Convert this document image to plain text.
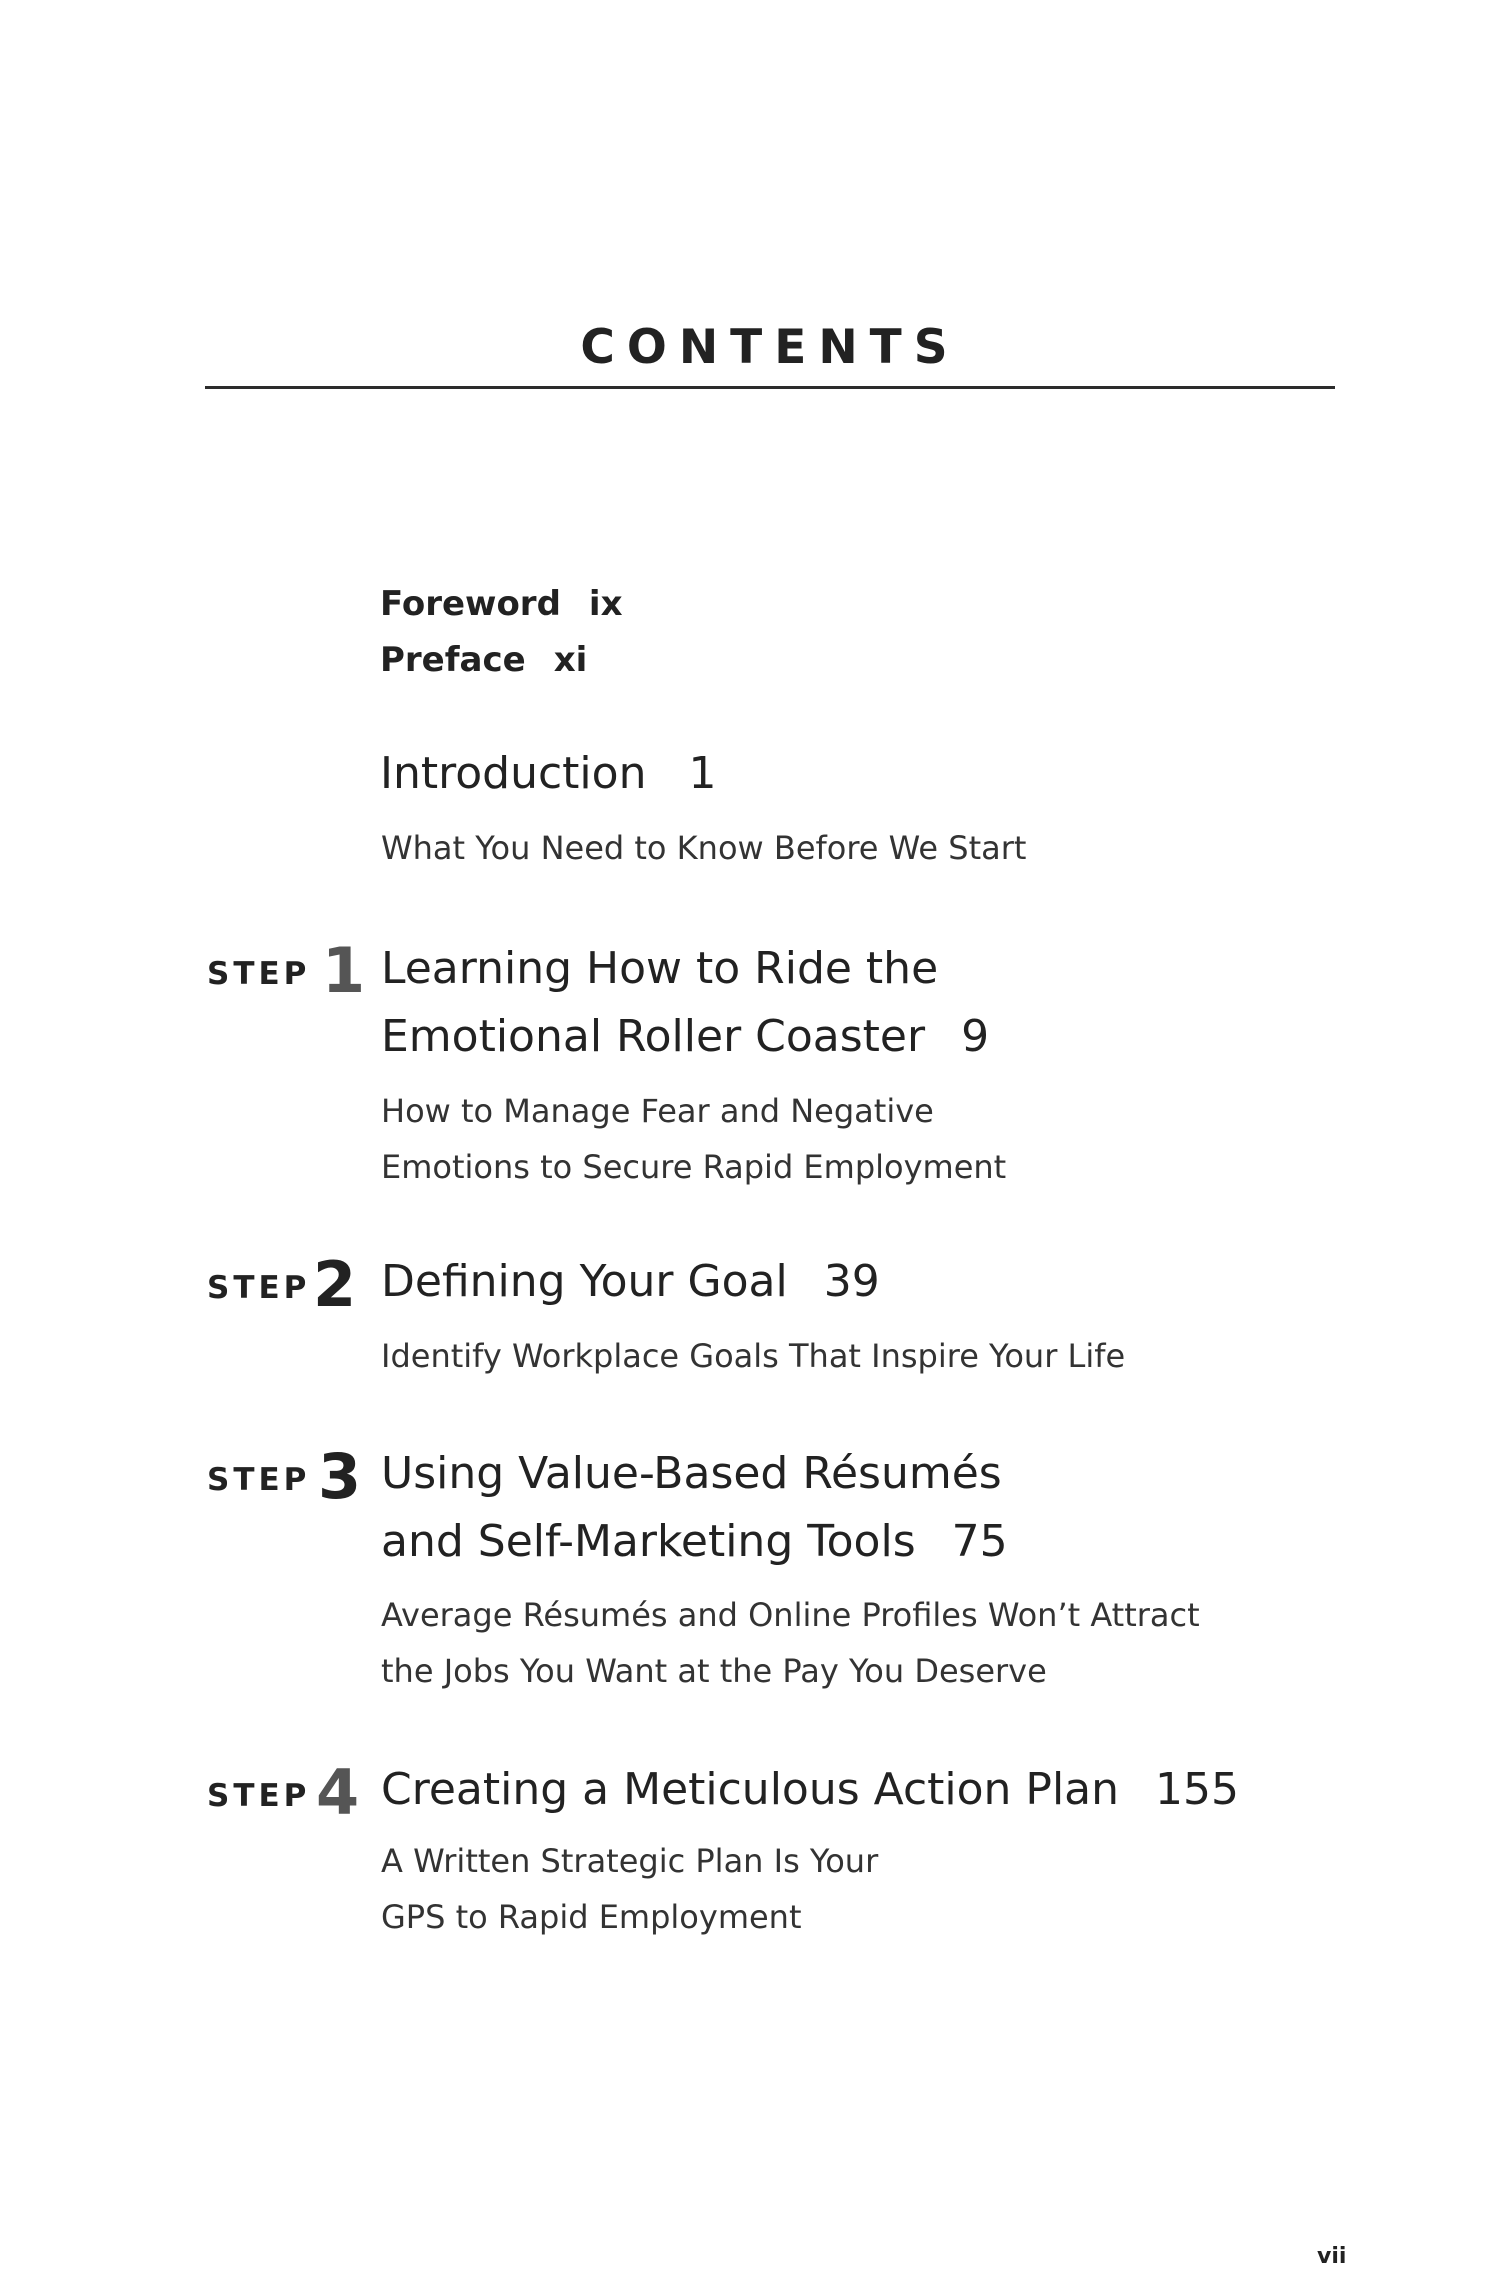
CONTENTS
Foreword ix
Preface xi
Introduction 1
What You Need to Know Before We Start
STEP 1 Learning How to Ride the
Emotional Roller Coaster 9
How to Manage Fear and Negative
Emotions to Secure Rapid Employment
STEP 2 Defining Your Goal 39
Identify Workplace Goals That Inspire Your Life
STEP 3 Using Value-Based Résumés
and Self-Marketing Tools 75
Average Résumés and Online Profiles Won’t Attract
the Jobs You Want at the Pay You Deserve
STEP 4 Creating a Meticulous Action Plan 155
A Written Strategic Plan Is Your
GPS to Rapid Employment
vii
